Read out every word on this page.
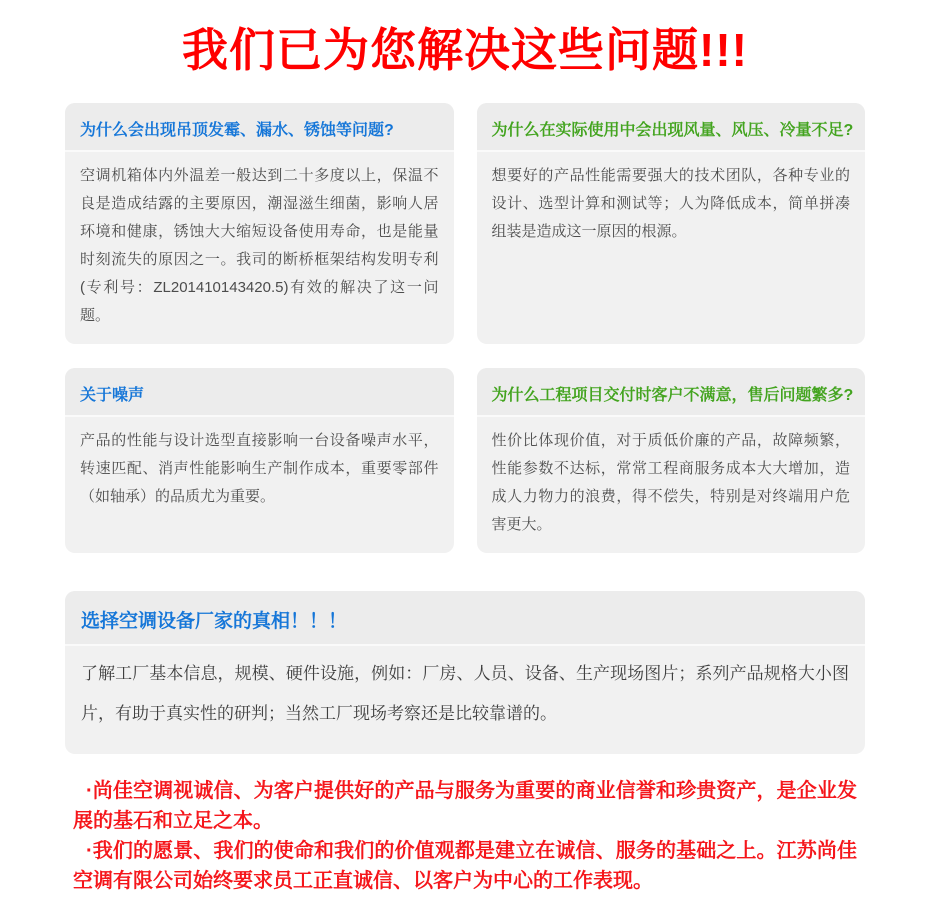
我们已为您解决这些问题!!!
为什么会出现吊顶发霉、漏水、锈蚀等问题?

空调机箱体内外温差一般达到二十多度以上，保温不良是造成结露的主要原因，潮湿滋生细菌，影响人居环境和健康，锈蚀大大缩短设备使用寿命，也是能量时刻流失的原因之一。我司的断桥框架结构发明专利(专利号：ZL201410143420.5)有效的解决了这一问题。

为什么在实际使用中会出现风量、风压、冷量不足?

想要好的产品性能需要强大的技术团队，各种专业的设计、选型计算和测试等；人为降低成本，简单拼凑组装是造成这一原因的根源。

关于噪声

产品的性能与设计选型直接影响一台设备噪声水平，转速匹配、消声性能影响生产制作成本，重要零部件（如轴承）的品质尤为重要。

为什么工程项目交付时客户不满意，售后问题繁多?

性价比体现价值，对于质低价廉的产品，故障频繁，性能参数不达标，常常工程商服务成本大大增加，造成人力物力的浪费，得不偿失，特别是对终端用户危害更大。

选择空调设备厂家的真相！！！

了解工厂基本信息，规模、硬件设施，例如：厂房、人员、设备、生产现场图片；系列产品规格大小图片，有助于真实性的研判；当然工厂现场考察还是比较靠谱的。

·尚佳空调视诚信、为客户提供好的产品与服务为重要的商业信誉和珍贵资产，是企业发展的基石和立足之本。

·我们的愿景、我们的使命和我们的价值观都是建立在诚信、服务的基础之上。江苏尚佳空调有限公司始终要求员工正直诚信、以客户为中心的工作表现。
